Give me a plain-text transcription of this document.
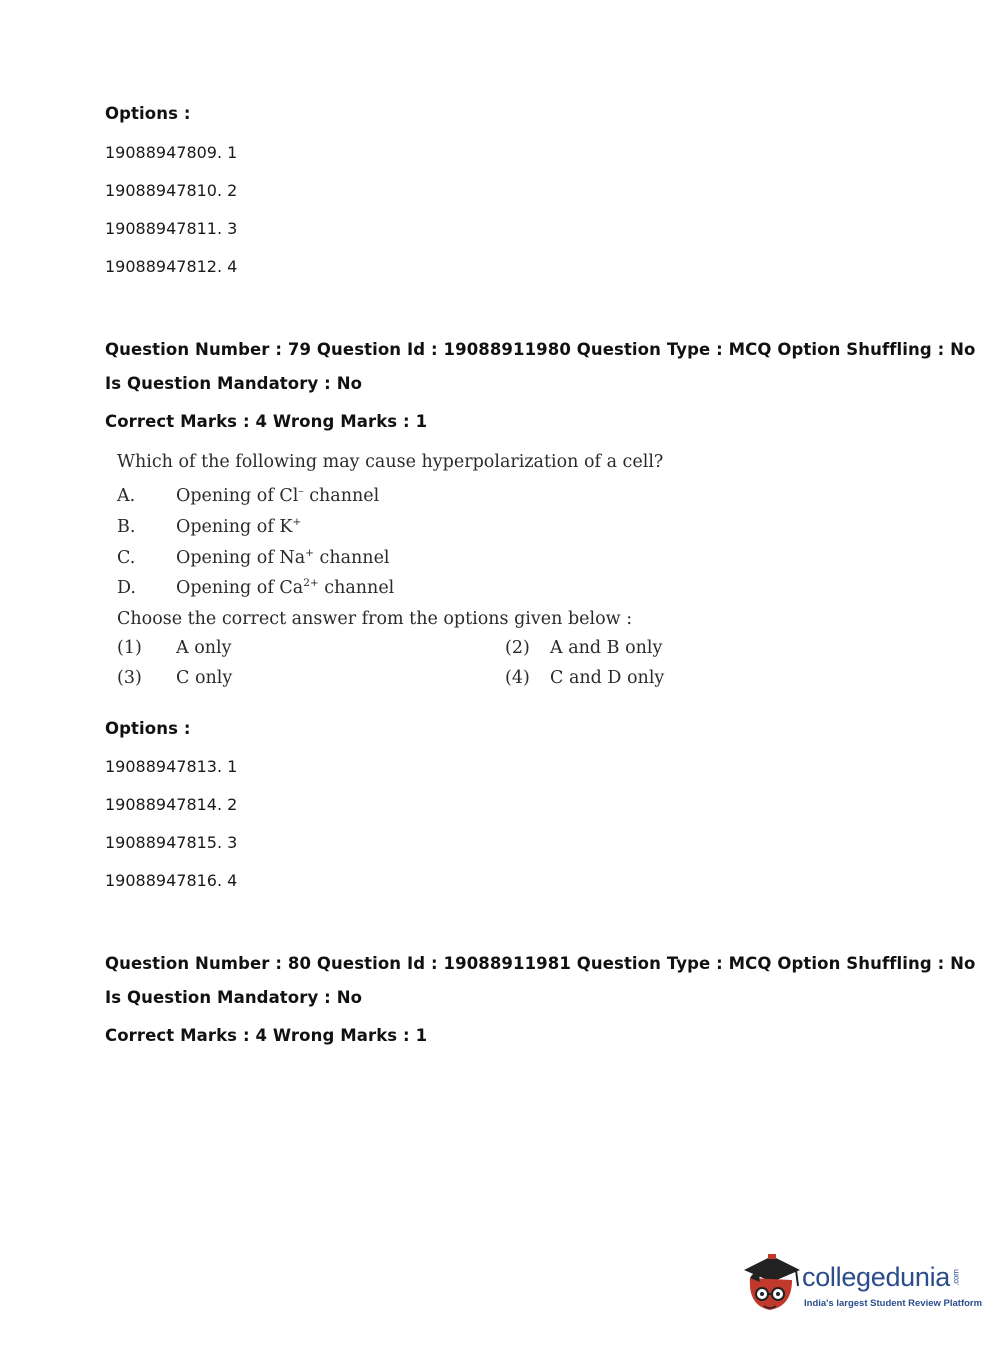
Options :
19088947809. 1
19088947810. 2
19088947811. 3
19088947812. 4
Question Number : 79 Question Id : 19088911980 Question Type : MCQ Option Shuffling : No
Is Question Mandatory : No
Correct Marks : 4 Wrong Marks : 1
Which of the following may cause hyperpolarization of a cell?
A. Opening of Cl– channel
B. Opening of K+
C. Opening of Na+ channel
D. Opening of $Ca^{2+}$ channel
Choose the correct answer from the options given below :
(1) A only	(2) A and B only
(3) C only	(4) C and D only
Options :
19088947813. 1
19088947814. 2
19088947815. 3
19088947816. 4
Question Number : 80 Question Id : 19088911981 Question Type : MCQ Option Shuffling : No
Is Question Mandatory : No
Correct Marks : 4 Wrong Marks : 1
collegedunia .com
India's largest Student Review Platform
